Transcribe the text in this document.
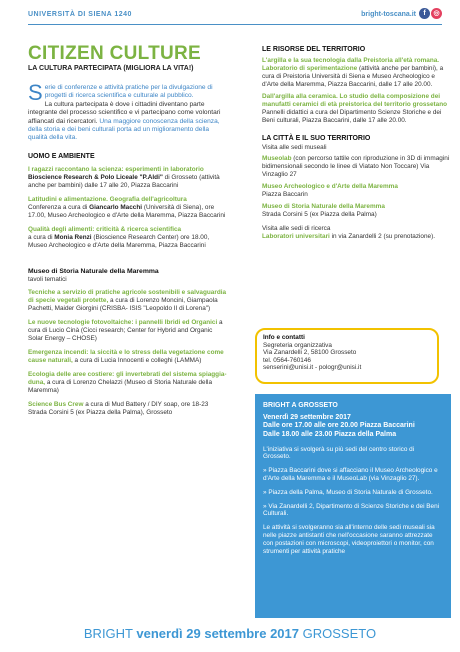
UNIVERSITÀ DI SIENA 1240	bright-toscana.it	f	◎
CITIZEN CULTURE
LA CULTURA PARTECIPATA (MIGLIORA LA VITA!)
Serie di conferenze e attività pratiche per la divulgazione di progetti di ricerca scientifica e culturale al pubblico.
La cultura partecipata è dove i cittadini diventano parte integrante del processo scientifico e vi partecipano come volontari affiancati dai ricercatori. Una maggiore conoscenza della scienza, della storia e dei beni culturali porta ad un miglioramento della qualità della vita.
UOMO E AMBIENTE
I ragazzi raccontano la scienza: esperimenti in laboratorio
Bioscience Research & Polo Liceale "P.Aldi" di Grosseto (attività anche per bambini) dalle 17 alle 20, Piazza Baccarini
Latitudini e alimentazione. Geografia dell'agricoltura
Conferenza a cura di Giancarlo Macchi (Università di Siena), ore 17.00, Museo Archeologico e d'Arte della Maremma, Piazza Baccarini
Qualità degli alimenti: criticità & ricerca scientifica
a cura di Monia Renzi (Bioscience Research Center) ore 18.00, Museo Archeologico e d'Arte della Maremma, Piazza Baccarini
Museo di Storia Naturale della Maremma
tavoli tematici
Tecniche a servizio di pratiche agricole sostenibili e salvaguardia di specie vegetali protette, a cura di Lorenzo Moncini, Giampaola Pachetti, Maider Giorgini (CRISBA- ISIS "Leopoldo II di Lorena")
Le nuove tecnologie fotovoltaiche: i pannelli Ibridi ed Organici a cura di Lucio Cinà (Cicci research; Center for Hybrid and Organic Solar Energy – CHOSE)
Emergenza incendi: la siccità e lo stress della vegetazione come cause naturali, a cura di Lucia Innocenti e colleghi (LAMMA)
Ecologia delle aree costiere: gli invertebrati del sistema spiaggia-duna, a cura di Lorenzo Chelazzi (Museo di Storia Naturale della Maremma)
Science Bus Crew a cura di Mud Battery / DIY soap, ore 18-23 Strada Corsini 5 (ex Piazza della Palma), Grosseto
LE RISORSE DEL TERRITORIO
L'argilla e la sua tecnologia dalla Preistoria all'età romana. Laboratorio di sperimentazione (attività anche per bambini), a cura di Preistoria Università di Siena e Museo Archeologico e d'Arte della Maremma, Piazza Baccarini, dalle 17 alle 20.00.
Dall'argilla alla ceramica. Lo studio della composizione dei manufatti ceramici di età preistorica del territorio grossetano Pannelli didattici a cura del Dipartimento Scienze Storiche e dei Beni culturali, Piazza Baccarini, dalle 17 alle 20.00.
LA CITTÀ E IL SUO TERRITORIO
Visita alle sedi museali
Museolab (con percorso tattile con riproduzione in 3D di immagini bidimensionali secondo le linee di Viatato Non Toccare) Via Vinzaglio 27
Museo Archeologico e d'Arte della Maremma
Piazza Baccarin
Museo di Storia Naturale della Maremma
Strada Corsini 5 (ex Piazza della Palma)
Visita alle sedi di ricerca
Laboratori universitari in via Zanardelli 2 (su prenotazione).
Info e contatti
Segreteria organizzativa
Via Zanardelli 2, 58100 Grosseto
tel. 0564-760146
senserini@unisi.it - pologr@unisi.it
BRIGHT A GROSSETO
Venerdì 29 settembre 2017
Dalle ore 17.00 alle ore 20.00 Piazza Baccarini
Dalle 18.00 alle 23.00 Piazza della Palma

L'iniziativa si svolgerà su più sedi del centro storico di Grosseto.

» Piazza Baccarini dove si affacciano il Museo Archeologico e d'Arte della Maremma e il MuseoLab (via Vinzaglio 27).

» Piazza della Palma, Museo di Storia Naturale di Grosseto.

» Via Zanardelli 2, Dipartimento di Scienze Storiche e dei Beni Culturali.

Le attività si svolgeranno sia all'interno delle sedi museali sia nelle piazze antistanti che nell'occasione saranno attrezzate con postazioni con microscopi, videoproiettori o monitor, con strumenti per attività pratiche

BRIGHT venerdì 29 settembre 2017 GROSSETO
